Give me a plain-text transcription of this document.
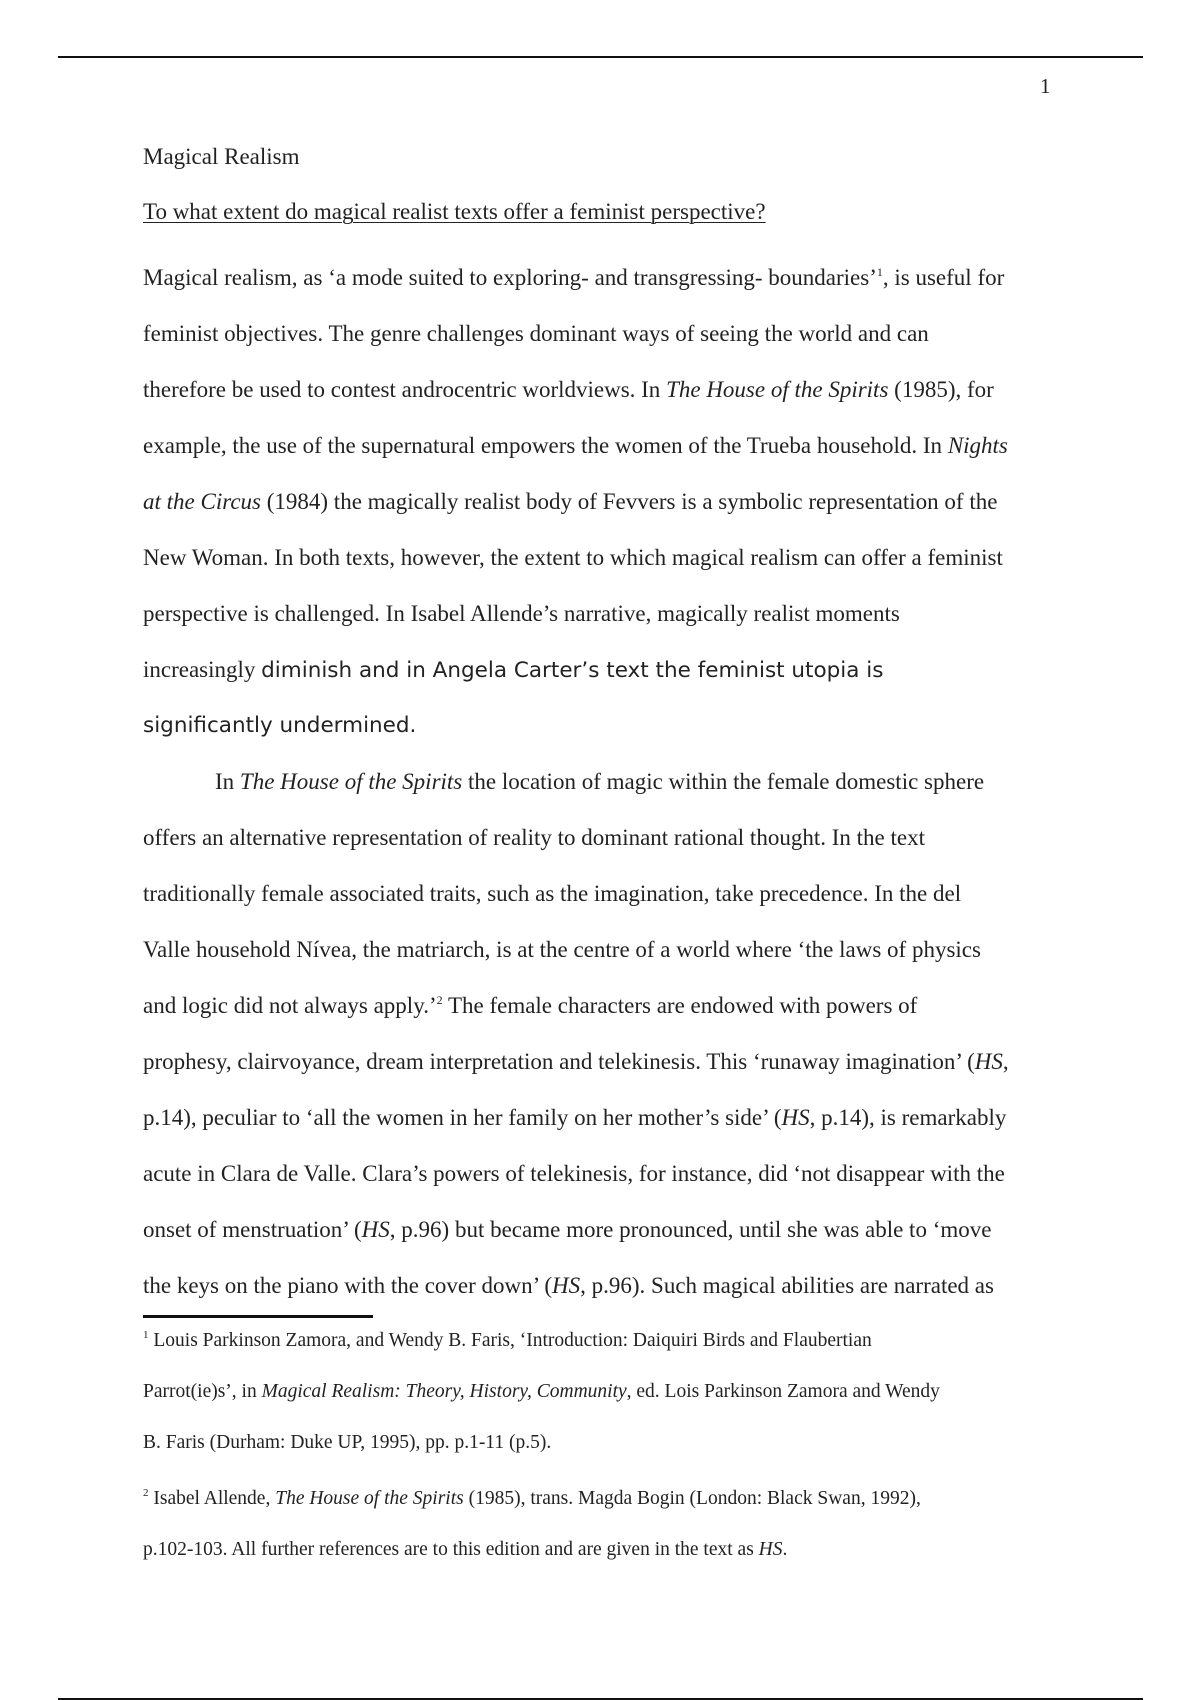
1
Magical Realism

To what extent do magical realist texts offer a feminist perspective?

Magical realism, as ‘a mode suited to exploring- and transgressing- boundaries’$^1$, is useful for
feminist objectives. The genre challenges dominant ways of seeing the world and can
therefore be used to contest androcentric worldviews. In The House of the Spirits (1985), for
example, the use of the supernatural empowers the women of the Trueba household. In Nights
at the Circus (1984) the magically realist body of Fevvers is a symbolic representation of the
New Woman. In both texts, however, the extent to which magical realism can offer a feminist
perspective is challenged. In Isabel Allende’s narrative, magically realist moments
increasingly diminish and in Angela Carter’s text the feminist utopia is
significantly undermined.
In The House of the Spirits the location of magic within the female domestic sphere
offers an alternative representation of reality to dominant rational thought. In the text
traditionally female associated traits, such as the imagination, take precedence. In the del
Valle household Nívea, the matriarch, is at the centre of a world where ‘the laws of physics
and logic did not always apply.’$^2$ The female characters are endowed with powers of
prophesy, clairvoyance, dream interpretation and telekinesis. This ‘runaway imagination’ (HS,
p.14), peculiar to ‘all the women in her family on her mother’s side’ (HS, p.14), is remarkably
acute in Clara de Valle. Clara’s powers of telekinesis, for instance, did ‘not disappear with the
onset of menstruation’ (HS, p.96) but became more pronounced, until she was able to ‘move
the keys on the piano with the cover down’ (HS, p.96). Such magical abilities are narrated as
$^1$ Louis Parkinson Zamora, and Wendy B. Faris, ‘Introduction: Daiquiri Birds and Flaubertian
Parrot(ie)s’, in Magical Realism: Theory, History, Community, ed. Lois Parkinson Zamora and Wendy
B. Faris (Durham: Duke UP, 1995), pp. p.1-11 (p.5).
$^2$ Isabel Allende, The House of the Spirits (1985), trans. Magda Bogin (London: Black Swan, 1992),
p.102-103. All further references are to this edition and are given in the text as HS.
